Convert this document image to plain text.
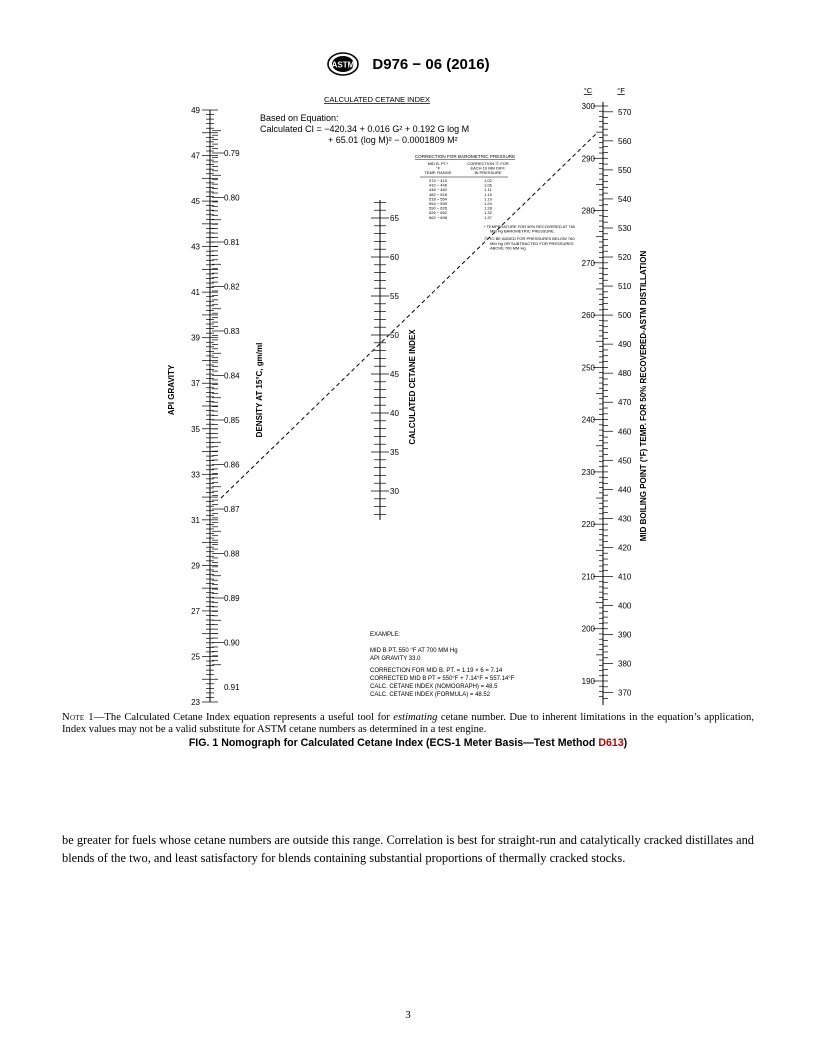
ASTM D976 − 06 (2016)
CALCULATED CETANE INDEX
Based on Equation:
Calculated CI = −420.34 + 0.016 G² + 0.192 G log M
+ 65.01 (log M)² − 0.0001809 M²
CORRECTION FOR BAROMETRIC PRESSURE
MID B. PT.*
°F
TEMP. RANGE
CORRECTION ⓪ FOR
EACH 10 MM DIFF.
IN PRESSURE
374 − 410	1.02
410 − 446	1.06
446 − 482	1.11
482 − 518	1.15
518 − 554	1.19
554 − 590	1.24
590 − 626	1.28
626 − 662	1.32
662 − 698	1.37
* TEMPERATURE FOR 50% RECOVERED AT 760 MM Hg BAROMETRIC PRESSURE.
⓪ TO BE ADDED FOR PRESSURES BELOW 760 MM Hg OR SUBTRACTED FOR PRESSURES ABOVE 760 MM Hg
49
47
45
43
41
39
37
35
33
31
29
27
25
23
0.79
0.80
0.81
0.82
0.83
0.84
0.85
0.86
0.87
0.88
0.89
0.90
0.91
65
60
55
50
45
40
35
30
300
290
280
270
260
250
240
230
220
210
200
190
570
560
550
540
530
520
510
500
490
480
470
460
450
440
430
420
410
400
390
380
370
API GRAVITY	DENSITY AT 15°C, gm/ml	CALCULATED CETANE INDEX	MID BOILING POINT (°F) TEMP. FOR 50% RECOVERED-ASTM DISTILLATION
°C	°F
EXAMPLE:
MID B PT. 550 °F AT 700 MM Hg
API GRAVITY 33.0
CORRECTION FOR MID B. PT. = 1.19 × 6 = 7.14
CORRECTED MID B PT = 550°F + 7.14°F = 557.14°F
CALC. CETANE INDEX (NOMOGRAPH) = 48.5
CALC. CETANE INDEX (FORMULA) = 48.52
Note 1—The Calculated Cetane Index equation represents a useful tool for estimating cetane number. Due to inherent limitations in the equation’s application, Index values may not be a valid substitute for ASTM cetane numbers as determined in a test engine.
FIG. 1 Nomograph for Calculated Cetane Index (ECS-1 Meter Basis—Test Method D613)
be greater for fuels whose cetane numbers are outside this range. Correlation is best for straight-run and catalytically cracked distillates and blends of the two, and least satisfactory for blends containing substantial proportions of thermally cracked stocks.
3
